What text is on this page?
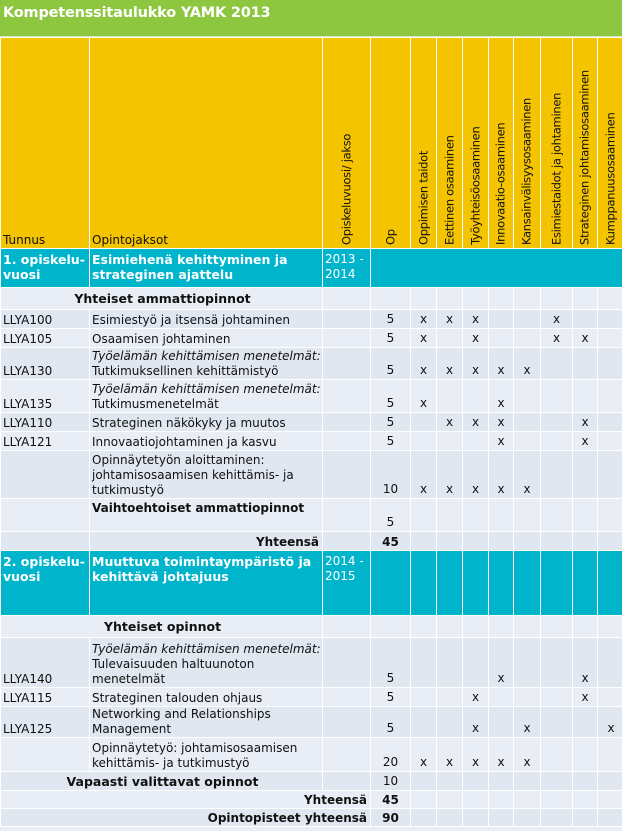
Kompetenssitaulukko YAMK 2013
Tunnus	Opintojaksot	Opiskeluvuosi/ jakso	Op	Oppimisen taidot	Eettinen osaaminen	Työyhteisöosaaminen	Innovaatio-osaaminen	Kansainvälisyysosaaminen	Esimiestaidot ja johtaminen	Strateginen johtamisosaaminen	Kumppanuusosaaminen

1. opiskelu-vuosi	Esimiehenä kehittyminen ja strateginen ajattelu	2013 - 2014									
Yhteiset ammattiopinnot											
LLYA100	Esimiestyö ja itsensä johtaminen		5	x	x	x			x		
LLYA105	Osaamisen johtaminen		5	x		x			x	x	
LLYA130	Työelämän kehittämisen menetelmät:
Tutkimuksellinen kehittämistyö		5	x	x	x	x	x			
LLYA135	Työelämän kehittämisen menetelmät:
Tutkimusmenetelmät		5	x			x				
LLYA110	Strateginen näkökyky ja muutos		5		x	x	x			x	
LLYA121	Innovaatiojohtaminen ja kasvu		5				x			x	
	Opinnäytetyön aloittaminen: johtamisosaamisen kehittämis- ja tutkimustyö		10	x	x	x	x	x			
	Vaihtoehtoiset ammattiopinnot		5								
	Yhteensä		45								
2. opiskelu-vuosi	Muuttuva toimintaympäristö ja kehittävä johtajuus	2014 - 2015									
Yhteiset opinnot											
LLYA140	Työelämän kehittämisen menetelmät:
Tulevaisuuden haltuunoton menetelmät		5				x			x	
LLYA115	Strateginen talouden ohjaus		5			x				x	
LLYA125	Networking and Relationships Management		5			x		x			x
	Opinnäytetyö: johtamisosaamisen kehittämis- ja tutkimustyö		20	x	x	x	x	x			
Vapaasti valittavat opinnot			10								
Yhteensä			45								
Opintopisteet yhteensä			90								
